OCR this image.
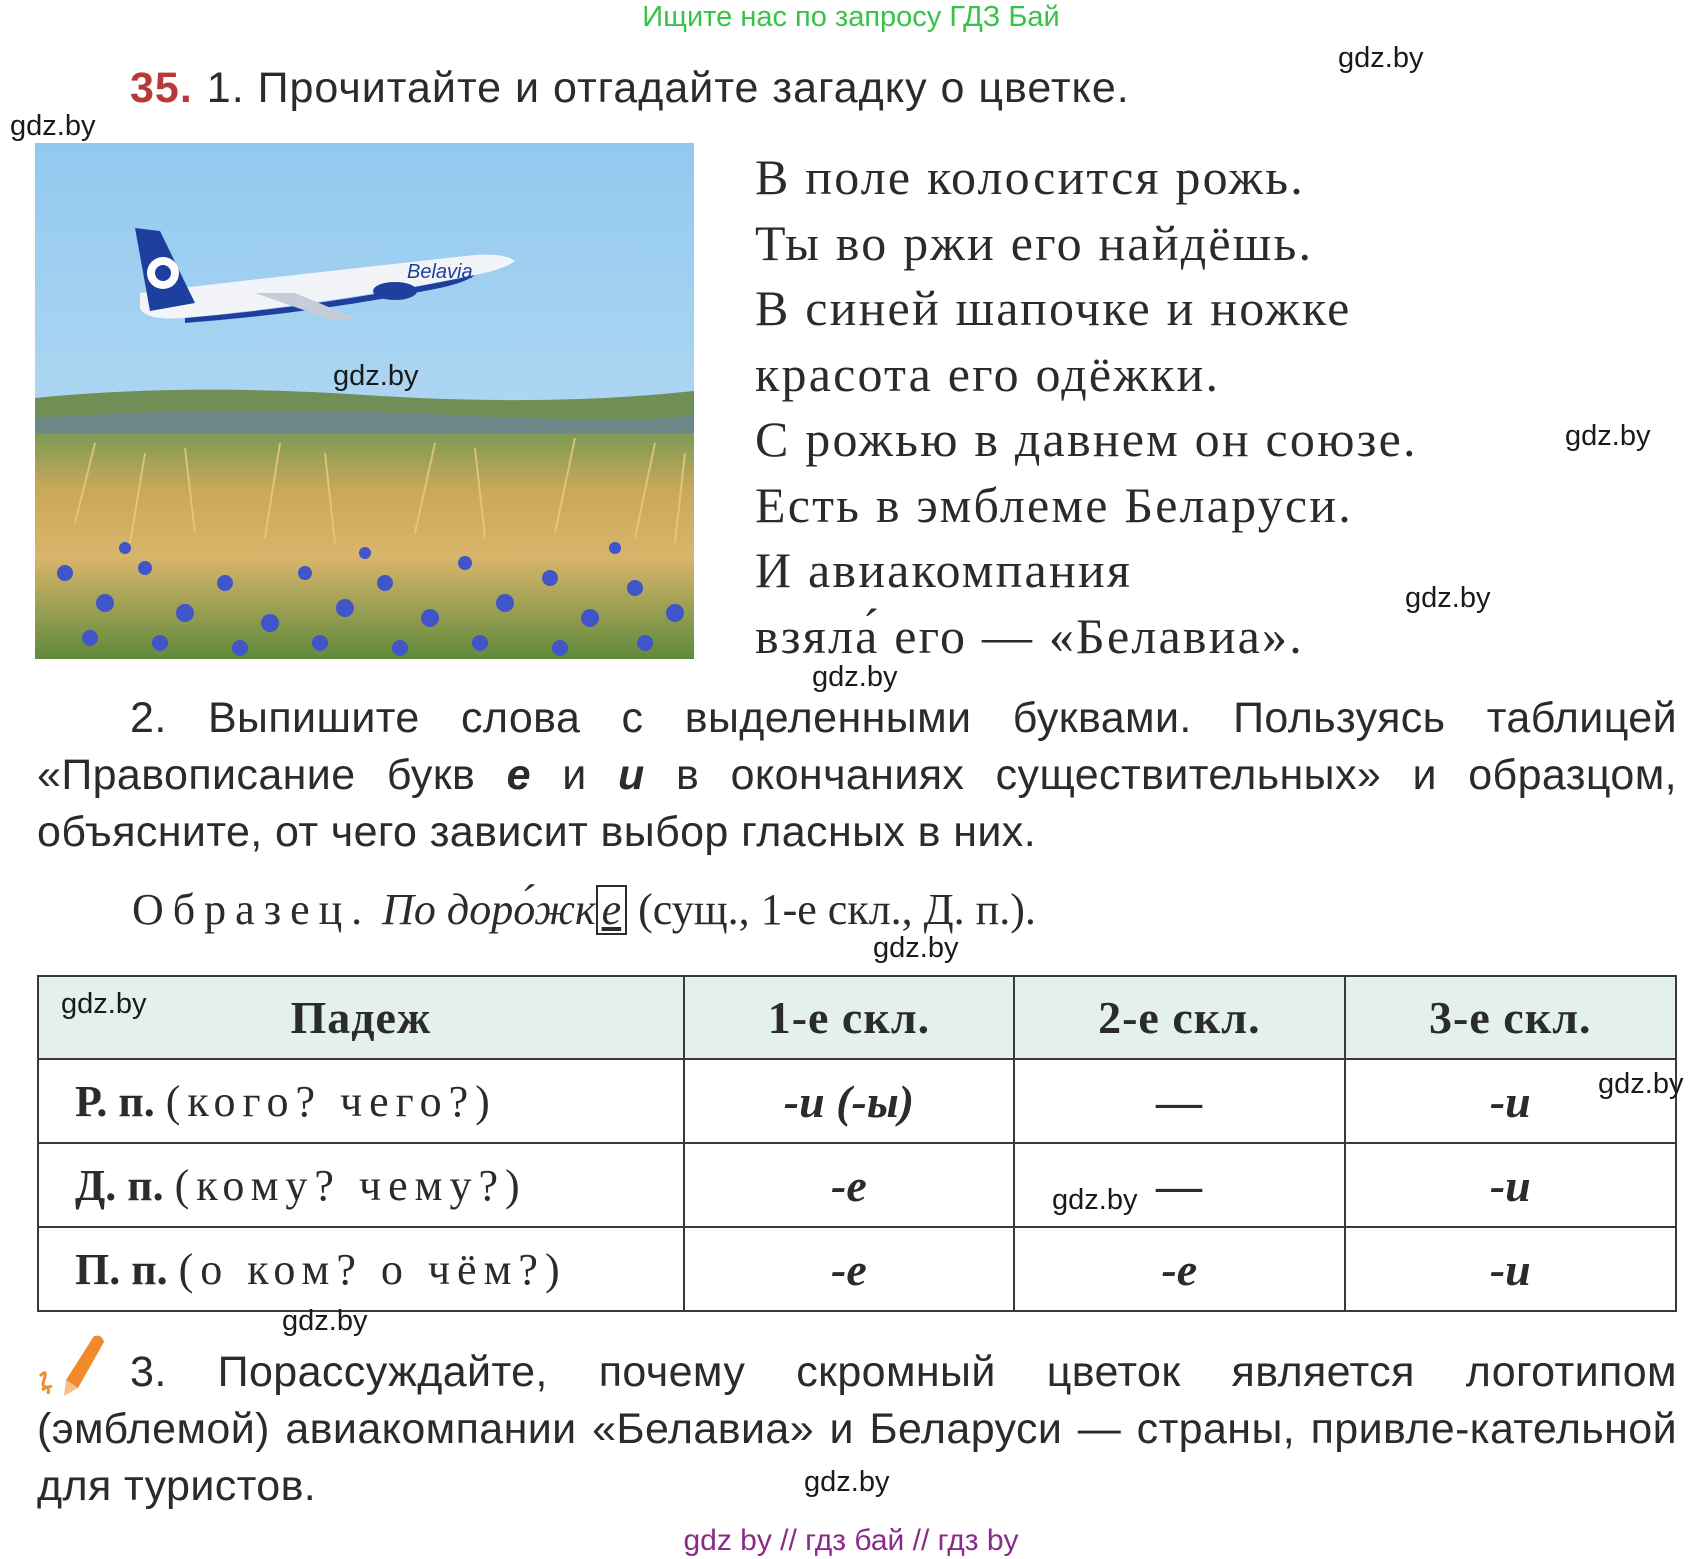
Ищите нас по запросу ГДЗ Бай
35. 1. Прочитайте и отгадайте загадку о цветке.
Belavia
В поле колосится рожь.
Ты во ржи его найдёшь.
В синей шапочке и ножке
красота его одёжки.
С рожью в давнем он союзе.
Есть в эмблеме Беларуси.
И авиакомпания
взяла́ его — «Белавиа».
2. Выпишите слова с выделенными буквами. Пользуясь таблицей «Правописание букв е и и в окончаниях существительных» и образцом, объясните, от чего зависит выбор гласных в них.
Образец. По доро́жк е (сущ., 1-е скл., Д. п.).
Падеж	1-е скл.	2-е скл.	3-е скл.
Р. п. (кого? чего?)	-и (-ы)	—	-и
Д. п. (кому? чему?)	-е	—	-и
П. п. (о ком? о чём?)	-е	-е	-и
3. Порассуждайте, почему скромный цветок является логотипом (эмблемой) авиакомпании «Белавиа» и Беларуси — страны, привле-кательной для туристов.
gdz by // гдз бай // гдз by
gdz.by
gdz.by
gdz.by
gdz.by
gdz.by
gdz.by
gdz.by
gdz.by
gdz.by
gdz.by
gdz.by
gdz.by
